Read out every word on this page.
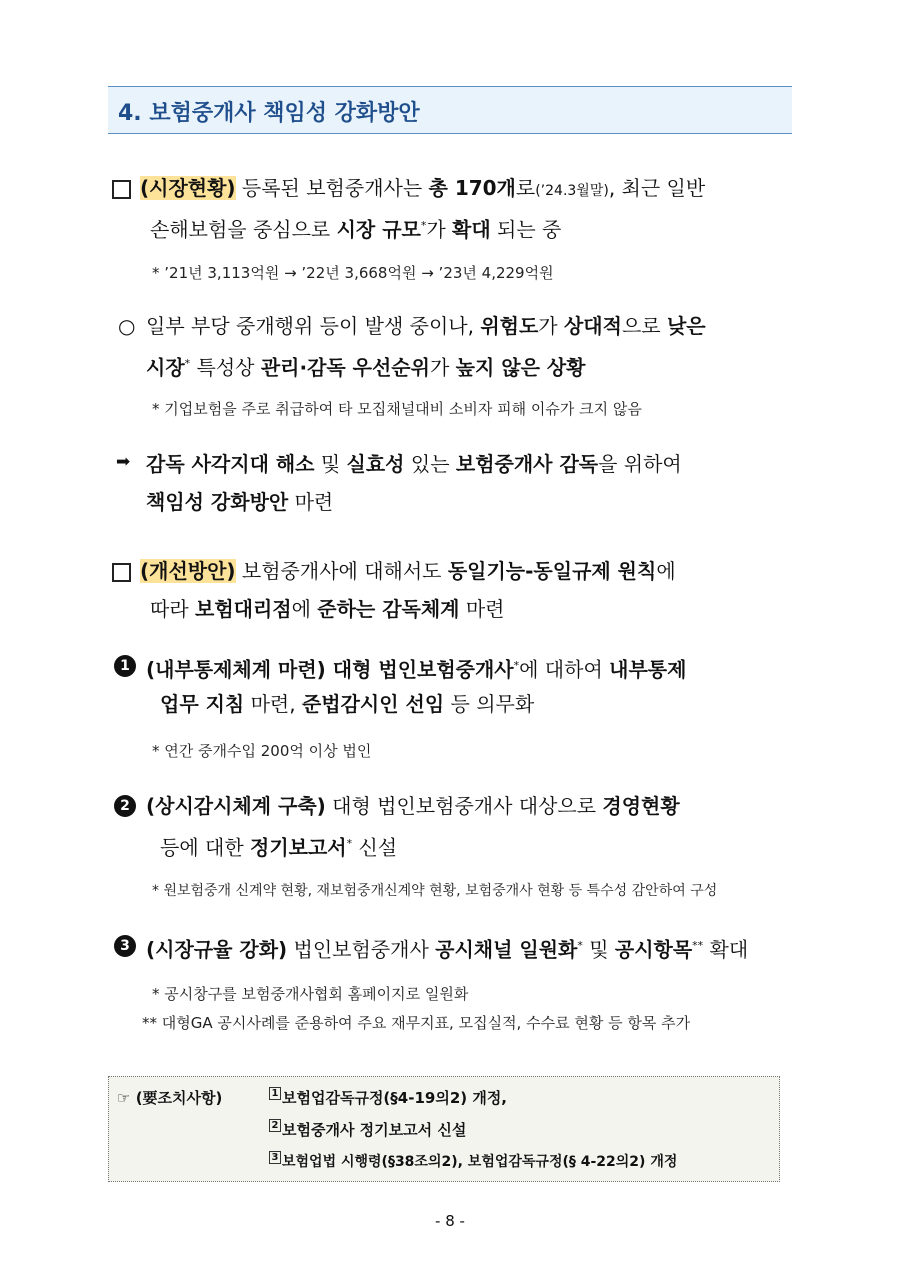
4. 보험중개사 책임성 강화방안
(시장현황) 등록된 보험중개사는 총 170개로(’24.3월말), 최근 일반
손해보험을 중심으로 시장 규모*가 확대 되는 중
* ’21년 3,113억원 → ’22년 3,668억원 → ’23년 4,229억원
○ 일부 부당 중개행위 등이 발생 중이나, 위험도가 상대적으로 낮은
시장* 특성상 관리·감독 우선순위가 높지 않은 상황
* 기업보험을 주로 취급하여 타 모집채널대비 소비자 피해 이슈가 크지 않음
➡ 감독 사각지대 해소 및 실효성 있는 보험중개사 감독을 위하여
책임성 강화방안 마련
(개선방안) 보험중개사에 대해서도 동일기능-동일규제 원칙에
따라 보험대리점에 준하는 감독체계 마련
1 (내부통제체계 마련) 대형 법인보험중개사*에 대하여 내부통제
업무 지침 마련, 준법감시인 선임 등 의무화
* 연간 중개수입 200억 이상 법인
2 (상시감시체계 구축) 대형 법인보험중개사 대상으로 경영현황
등에 대한 정기보고서* 신설
* 원보험중개 신계약 현황, 재보험중개신계약 현황, 보험중개사 현황 등 특수성 감안하여 구성
3 (시장규율 강화) 법인보험중개사 공시채널 일원화* 및 공시항목** 확대
* 공시창구를 보험중개사협회 홈페이지로 일원화
** 대형GA 공시사례를 준용하여 주요 재무지표, 모집실적, 수수료 현황 등 항목 추가
☞ (要조치사항)	1 보험업감독규정(§4-19의2) 개정,
2 보험중개사 정기보고서 신설
3 보험업법 시행령(§38조의2), 보험업감독규정(§ 4-22의2) 개정
- 8 -
